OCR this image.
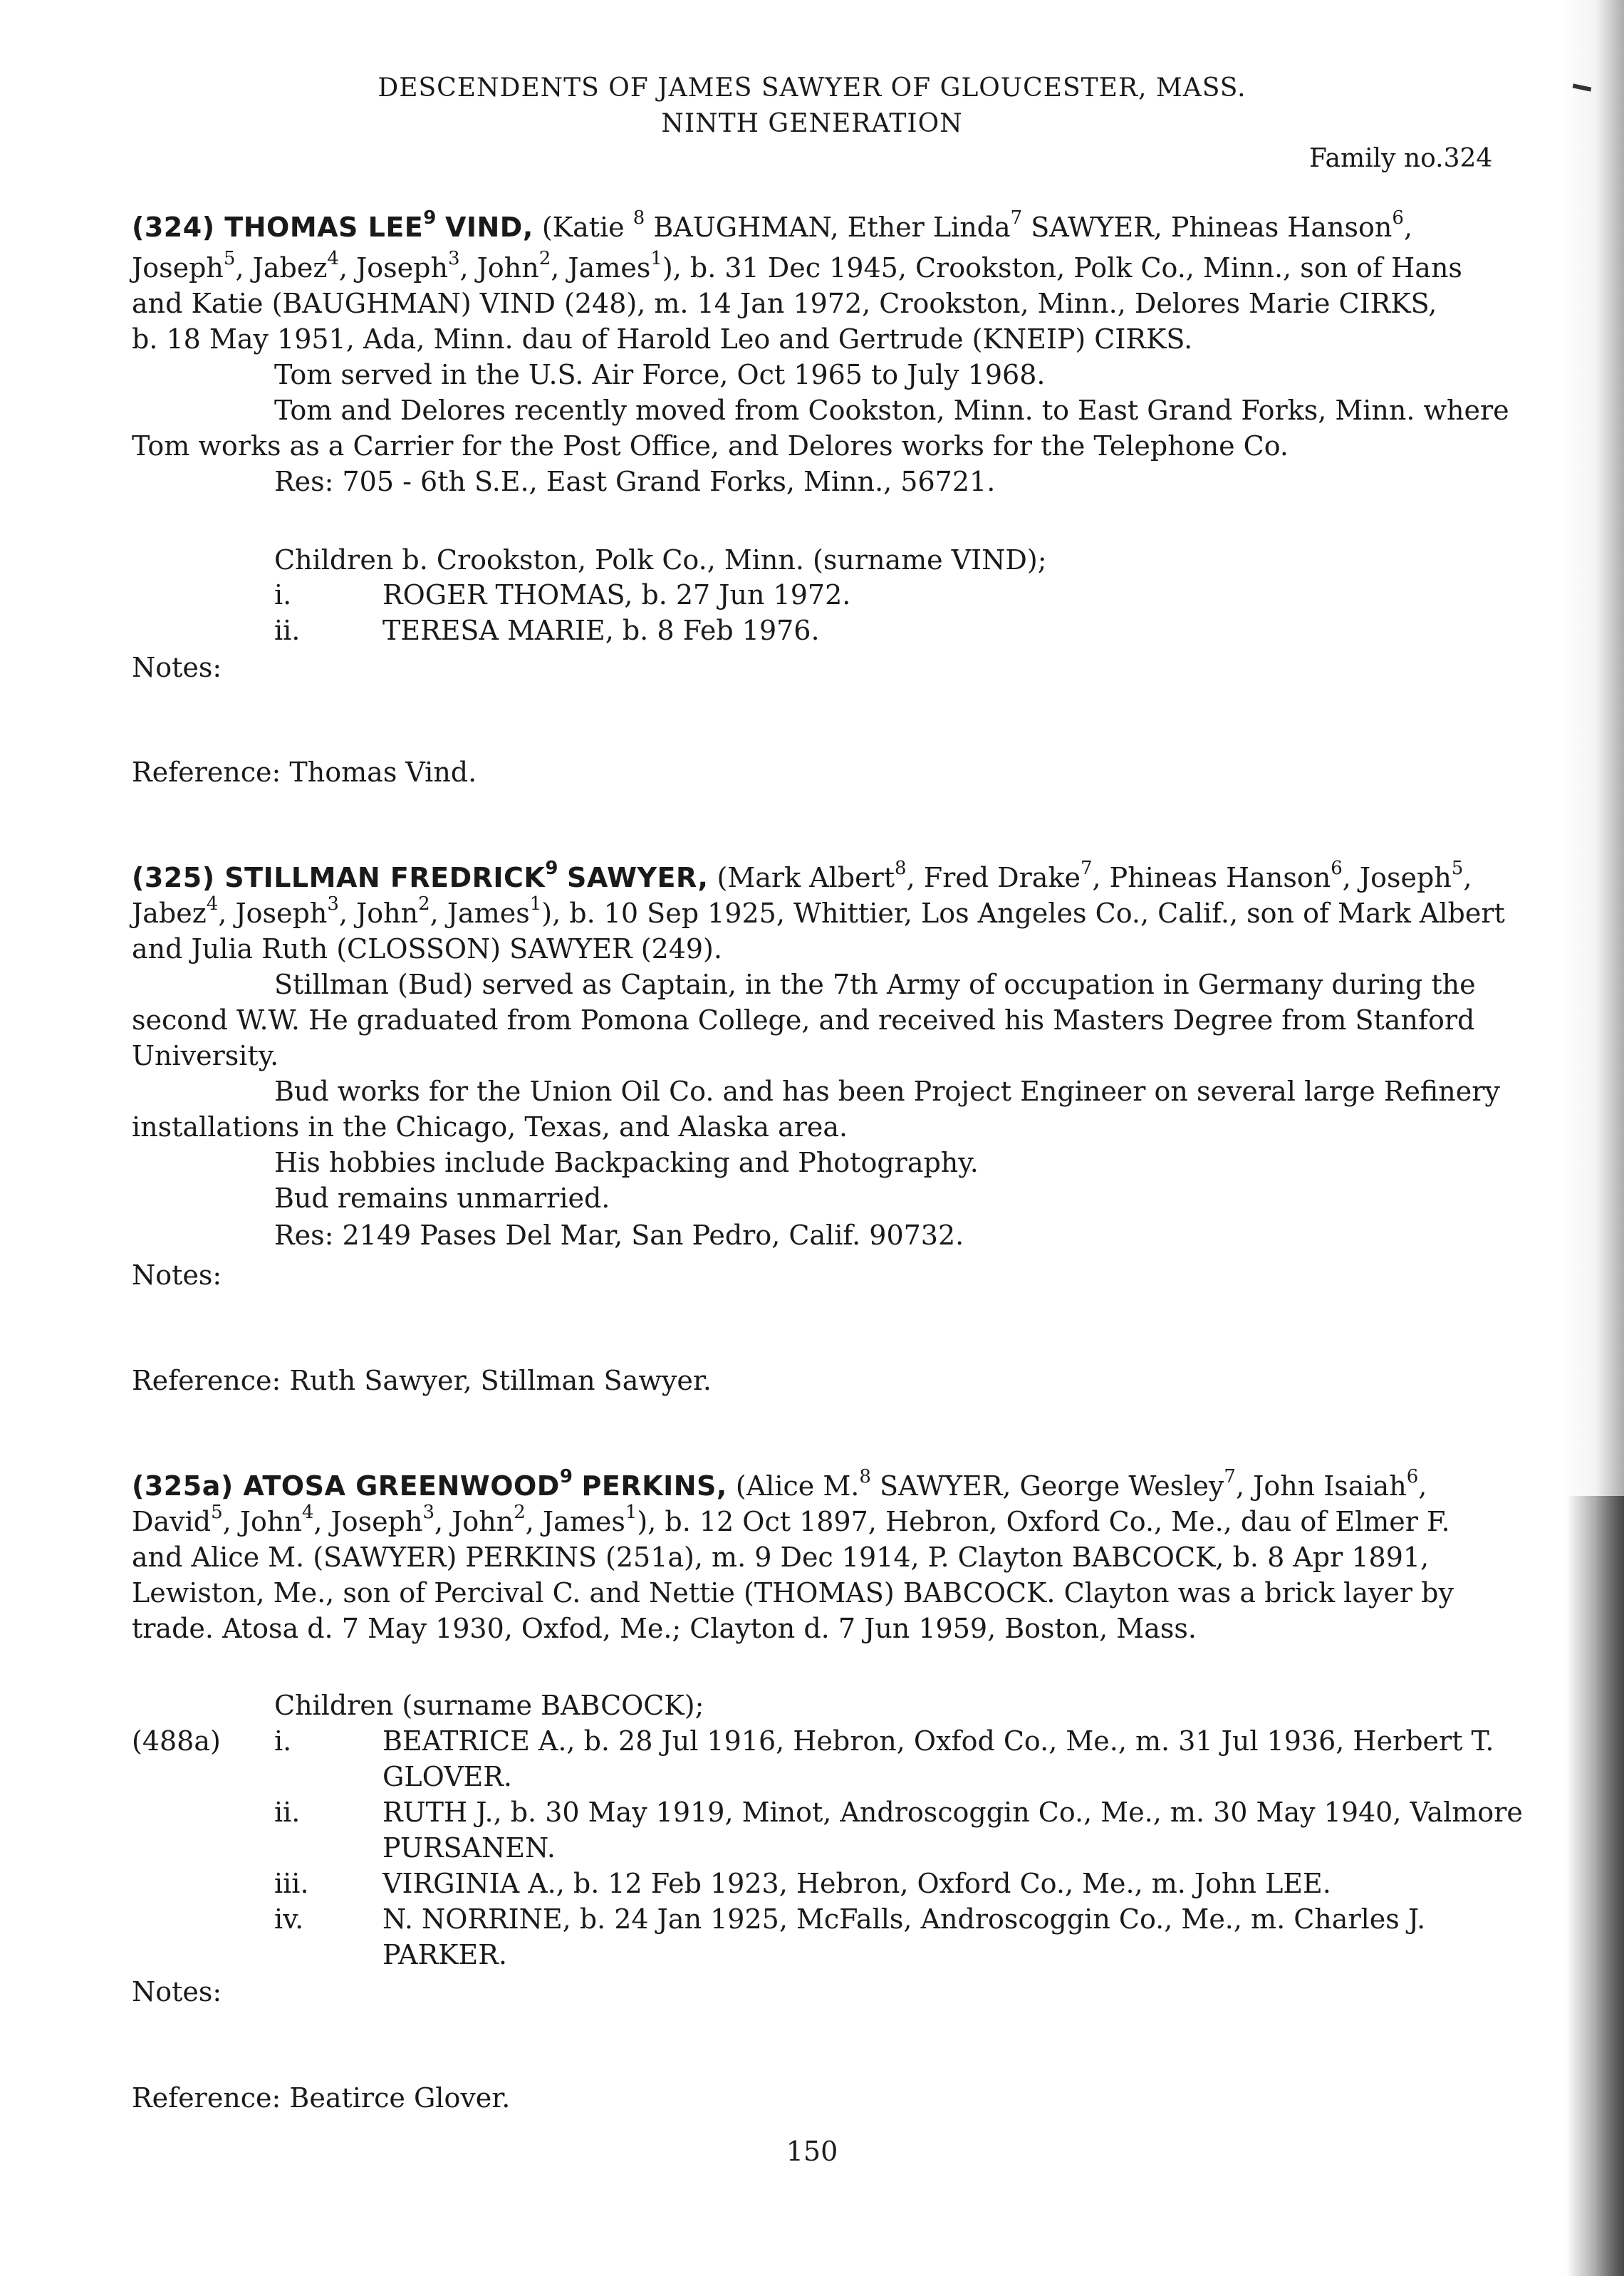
DESCENDENTS OF JAMES SAWYER OF GLOUCESTER, MASS.
NINTH GENERATION
Family no.324
(324) THOMAS LEE$^9$ VIND, (Katie $^8$ BAUGHMAN, Ether Linda$^7$ SAWYER, Phineas Hanson$^6$,
Joseph$^5$, Jabez$^4$, Joseph$^3$, John$^2$, James$^1$), b. 31 Dec 1945, Crookston, Polk Co., Minn., son of Hans
and Katie (BAUGHMAN) VIND (248), m. 14 Jan 1972, Crookston, Minn., Delores Marie CIRKS,
b. 18 May 1951, Ada, Minn. dau of Harold Leo and Gertrude (KNEIP) CIRKS.
Tom served in the U.S. Air Force, Oct 1965 to July 1968.
Tom and Delores recently moved from Cookston, Minn. to East Grand Forks, Minn. where
Tom works as a Carrier for the Post Office, and Delores works for the Telephone Co.
Res: 705 - 6th S.E., East Grand Forks, Minn., 56721.
Children b. Crookston, Polk Co., Minn. (surname VIND);
i.	ROGER THOMAS, b. 27 Jun 1972.
ii.	TERESA MARIE, b. 8 Feb 1976.
Notes:
Reference: Thomas Vind.
(325) STILLMAN FREDRICK$^9$ SAWYER, (Mark Albert$^8$, Fred Drake$^7$, Phineas Hanson$^6$, Joseph$^5$,
Jabez$^4$, Joseph$^3$, John$^2$, James$^1$), b. 10 Sep 1925, Whittier, Los Angeles Co., Calif., son of Mark Albert
and Julia Ruth (CLOSSON) SAWYER (249).
Stillman (Bud) served as Captain, in the 7th Army of occupation in Germany during the
second W.W. He graduated from Pomona College, and received his Masters Degree from Stanford
University.
Bud works for the Union Oil Co. and has been Project Engineer on several large Refinery
installations in the Chicago, Texas, and Alaska area.
His hobbies include Backpacking and Photography.
Bud remains unmarried.
Res: 2149 Pases Del Mar, San Pedro, Calif. 90732.
Notes:
Reference: Ruth Sawyer, Stillman Sawyer.
(325a) ATOSA GREENWOOD$^9$ PERKINS, (Alice M.$^8$ SAWYER, George Wesley$^7$, John Isaiah$^6$,
David$^5$, John$^4$, Joseph$^3$, John$^2$, James$^1$), b. 12 Oct 1897, Hebron, Oxford Co., Me., dau of Elmer F.
and Alice M. (SAWYER) PERKINS (251a), m. 9 Dec 1914, P. Clayton BABCOCK, b. 8 Apr 1891,
Lewiston, Me., son of Percival C. and Nettie (THOMAS) BABCOCK. Clayton was a brick layer by
trade. Atosa d. 7 May 1930, Oxfod, Me.; Clayton d. 7 Jun 1959, Boston, Mass.
Children (surname BABCOCK);
(488a) i.	BEATRICE A., b. 28 Jul 1916, Hebron, Oxfod Co., Me., m. 31 Jul 1936, Herbert T.
GLOVER.
ii.	RUTH J., b. 30 May 1919, Minot, Androscoggin Co., Me., m. 30 May 1940, Valmore
PURSANEN.
iii.	VIRGINIA A., b. 12 Feb 1923, Hebron, Oxford Co., Me., m. John LEE.
iv.	N. NORRINE, b. 24 Jan 1925, McFalls, Androscoggin Co., Me., m. Charles J.
PARKER.
Notes:
Reference: Beatirce Glover.
150
